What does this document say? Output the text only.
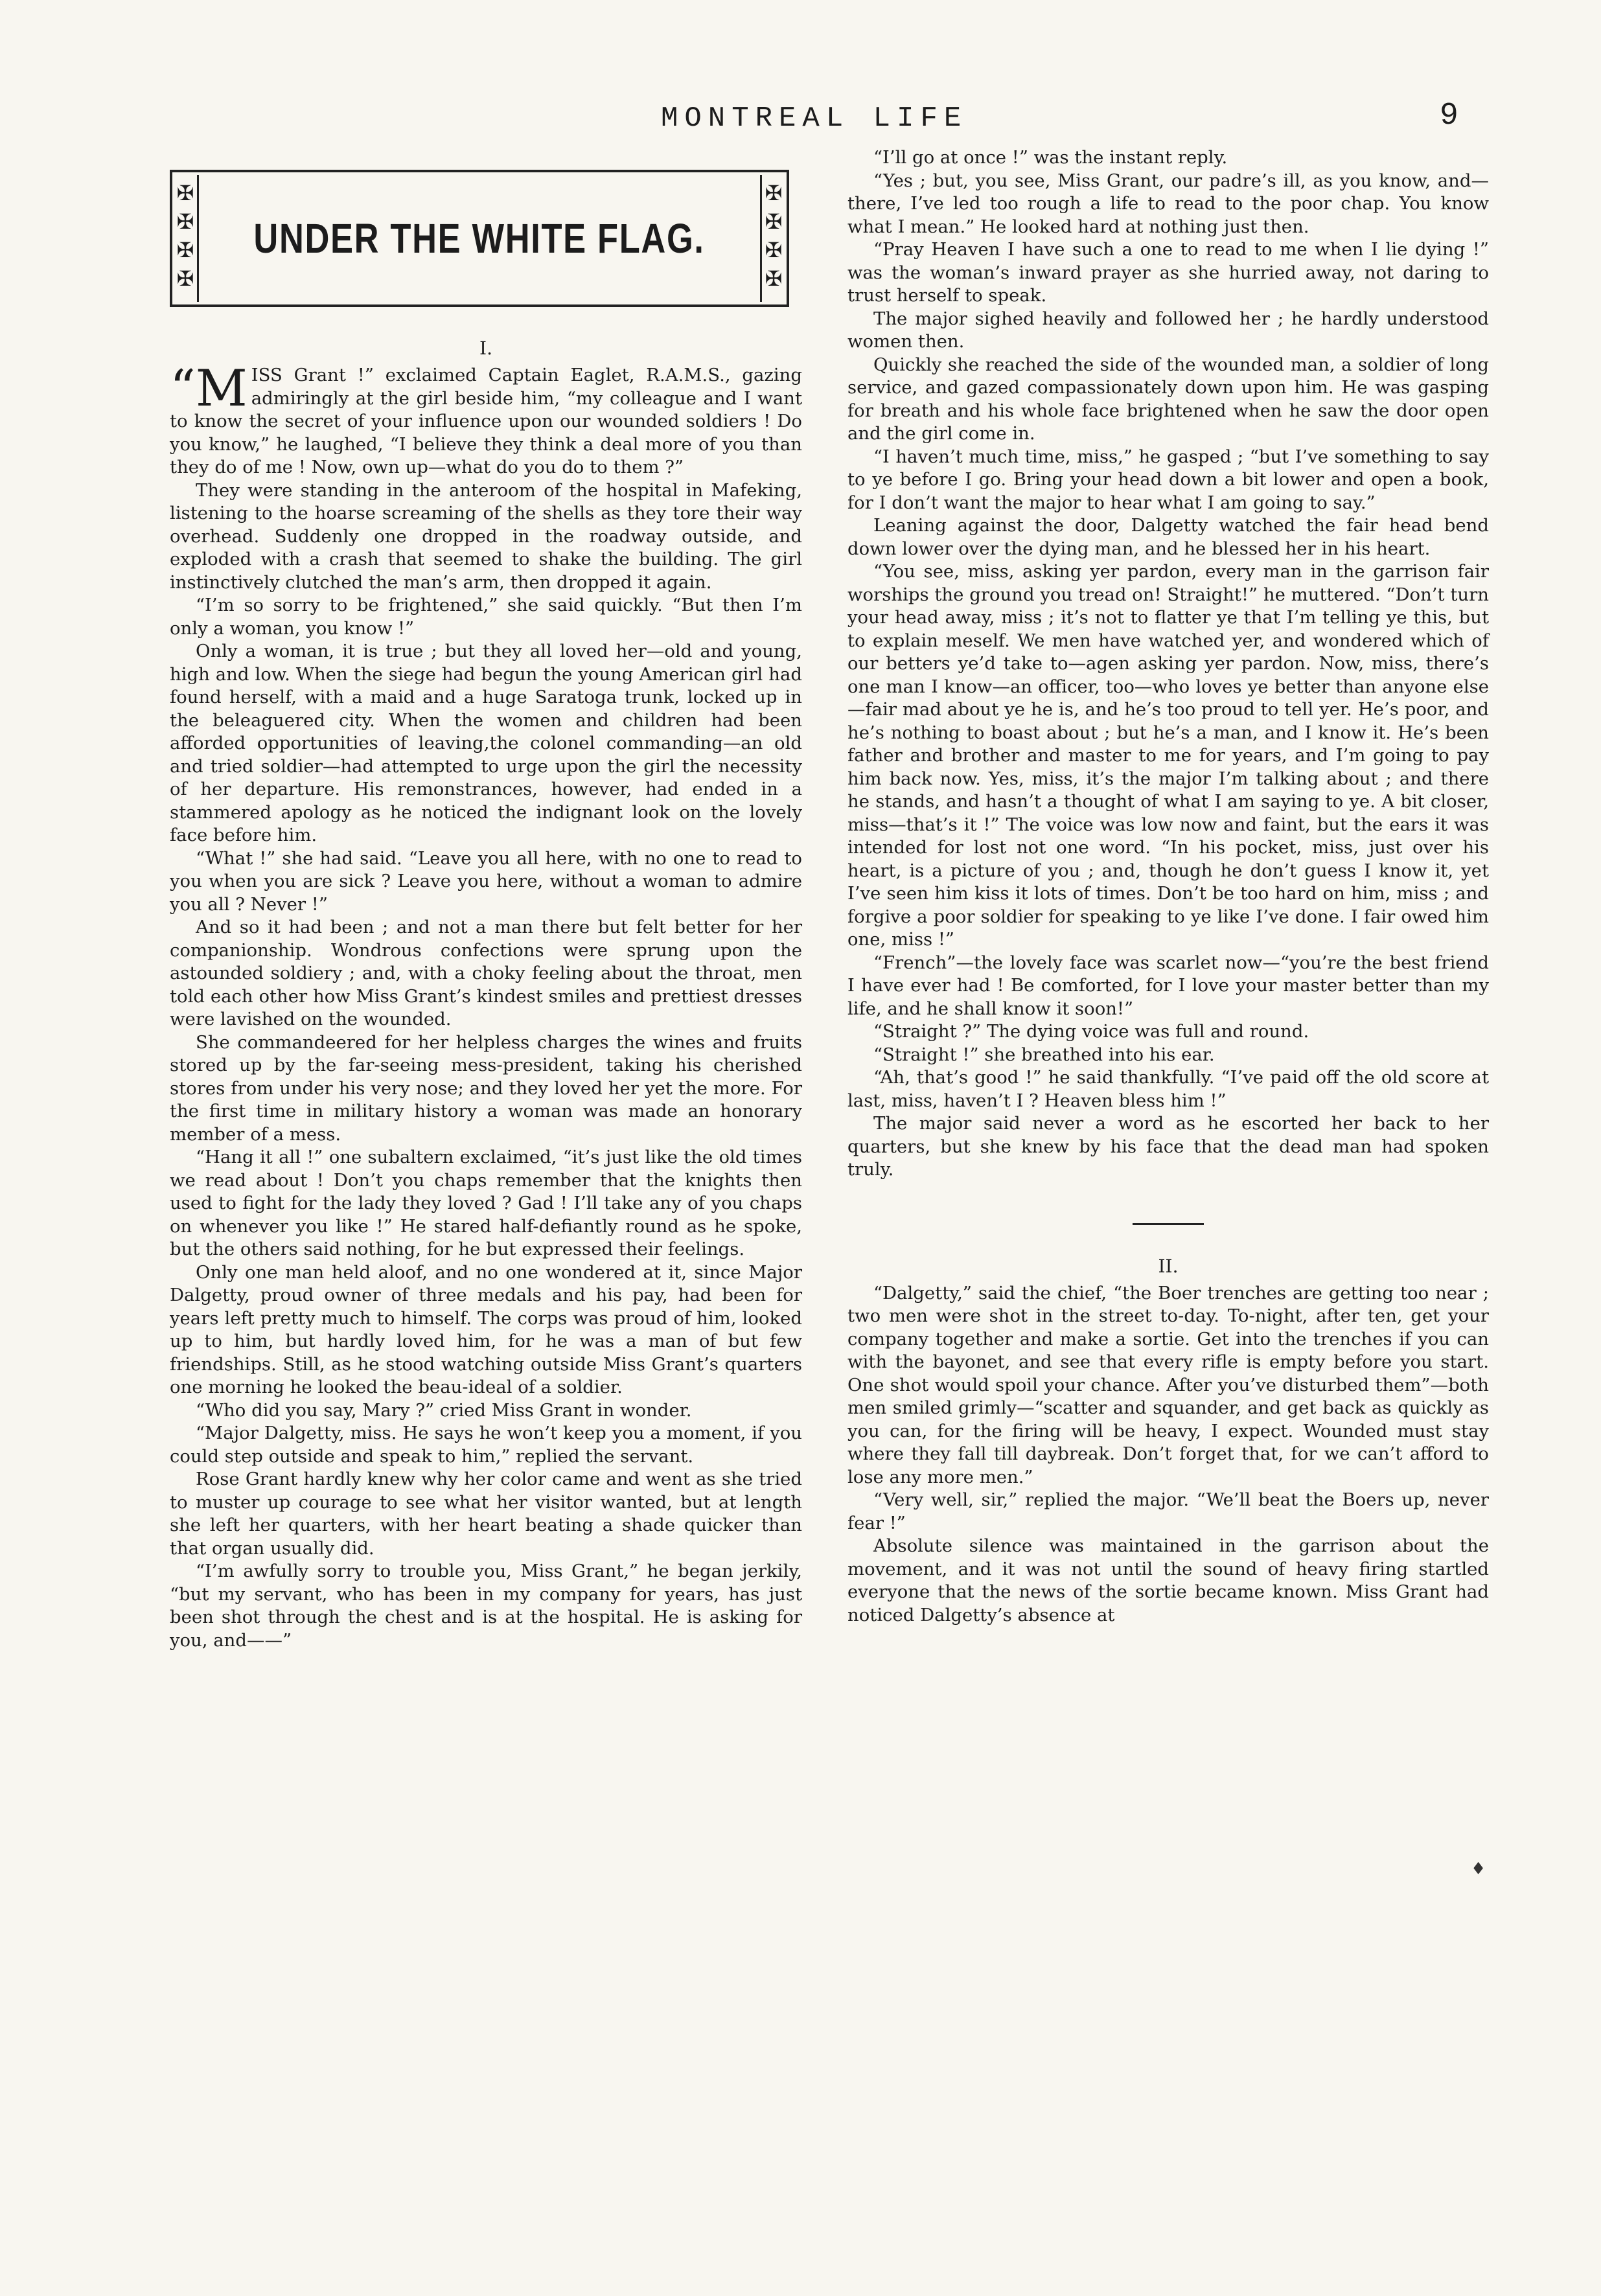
MONTREAL LIFE	9
✠
✠
✠
✠
UNDER THE WHITE FLAG.
✠
✠
✠
✠
I.

“M ISS Grant !” exclaimed Captain Eaglet, R.A.M.S., gazing admiringly at the girl beside him, “my colleague and I want to know the secret of your influence upon our wounded soldiers ! Do you know,” he laughed, “I believe they think a deal more of you than they do of me ! Now, own up—what do you do to them ?”

They were standing in the anteroom of the hospital in Mafeking, listening to the hoarse screaming of the shells as they tore their way overhead. Suddenly one dropped in the roadway outside, and exploded with a crash that seemed to shake the building. The girl instinctively clutched the man’s arm, then dropped it again.

“I’m so sorry to be frightened,” she said quickly. “But then I’m only a woman, you know !”

Only a woman, it is true ; but they all loved her—old and young, high and low. When the siege had begun the young American girl had found herself, with a maid and a huge Saratoga trunk, locked up in the beleaguered city. When the women and children had been afforded opportunities of leaving,the colonel commanding—an old and tried soldier—had attempted to urge upon the girl the necessity of her departure. His remonstrances, however, had ended in a stammered apology as he noticed the indignant look on the lovely face before him.

“What !” she had said. “Leave you all here, with no one to read to you when you are sick ? Leave you here, without a woman to admire you all ? Never !”

And so it had been ; and not a man there but felt better for her companionship. Wondrous confections were sprung upon the astounded soldiery ; and, with a choky feeling about the throat, men told each other how Miss Grant’s kindest smiles and prettiest dresses were lavished on the wounded.

She commandeered for her helpless charges the wines and fruits stored up by the far-seeing mess-president, taking his cherished stores from under his very nose; and they loved her yet the more. For the first time in military history a woman was made an honorary member of a mess.

“Hang it all !” one subaltern exclaimed, “it’s just like the old times we read about ! Don’t you chaps remember that the knights then used to fight for the lady they loved ? Gad ! I’ll take any of you chaps on whenever you like !” He stared half-defiantly round as he spoke, but the others said nothing, for he but expressed their feelings.

Only one man held aloof, and no one wondered at it, since Major Dalgetty, proud owner of three medals and his pay, had been for years left pretty much to himself. The corps was proud of him, looked up to him, but hardly loved him, for he was a man of but few friendships. Still, as he stood watching outside Miss Grant’s quarters one morning he looked the beau-ideal of a soldier.

“Who did you say, Mary ?” cried Miss Grant in wonder.

“Major Dalgetty, miss. He says he won’t keep you a moment, if you could step outside and speak to him,” replied the servant.

Rose Grant hardly knew why her color came and went as she tried to muster up courage to see what her visitor wanted, but at length she left her quarters, with her heart beating a shade quicker than that organ usually did.

“I’m awfully sorry to trouble you, Miss Grant,” he began jerkily, “but my servant, who has been in my company for years, has just been shot through the chest and is at the hospital. He is asking for you, and——”

“I’ll go at once !” was the instant reply.

“Yes ; but, you see, Miss Grant, our padre’s ill, as you know, and—there, I’ve led too rough a life to read to the poor chap. You know what I mean.” He looked hard at nothing just then.

“Pray Heaven I have such a one to read to me when I lie dying !” was the woman’s inward prayer as she hurried away, not daring to trust herself to speak.

The major sighed heavily and followed her ; he hardly understood women then.

Quickly she reached the side of the wounded man, a soldier of long service, and gazed compassionately down upon him. He was gasping for breath and his whole face brightened when he saw the door open and the girl come in.

“I haven’t much time, miss,” he gasped ; “but I’ve something to say to ye before I go. Bring your head down a bit lower and open a book, for I don’t want the major to hear what I am going to say.”

Leaning against the door, Dalgetty watched the fair head bend down lower over the dying man, and he blessed her in his heart.

“You see, miss, asking yer pardon, every man in the garrison fair worships the ground you tread on! Straight!” he muttered. “Don’t turn your head away, miss ; it’s not to flatter ye that I’m telling ye this, but to explain meself. We men have watched yer, and wondered which of our betters ye’d take to—agen asking yer pardon. Now, miss, there’s one man I know—an officer, too—who loves ye better than anyone else—fair mad about ye he is, and he’s too proud to tell yer. He’s poor, and he’s nothing to boast about ; but he’s a man, and I know it. He’s been father and brother and master to me for years, and I’m going to pay him back now. Yes, miss, it’s the major I’m talking about ; and there he stands, and hasn’t a thought of what I am saying to ye. A bit closer, miss—that’s it !” The voice was low now and faint, but the ears it was intended for lost not one word. “In his pocket, miss, just over his heart, is a picture of you ; and, though he don’t guess I know it, yet I’ve seen him kiss it lots of times. Don’t be too hard on him, miss ; and forgive a poor soldier for speaking to ye like I’ve done. I fair owed him one, miss !”

“French”—the lovely face was scarlet now—“you’re the best friend I have ever had ! Be comforted, for I love your master better than my life, and he shall know it soon!”

“Straight ?” The dying voice was full and round.

“Straight !” she breathed into his ear.

“Ah, that’s good !” he said thankfully. “I’ve paid off the old score at last, miss, haven’t I ? Heaven bless him !”

The major said never a word as he escorted her back to her quarters, but she knew by his face that the dead man had spoken truly.

II.

“Dalgetty,” said the chief, “the Boer trenches are getting too near ; two men were shot in the street to-day. To-night, after ten, get your company together and make a sortie. Get into the trenches if you can with the bayonet, and see that every rifle is empty before you start. One shot would spoil your chance. After you’ve disturbed them”—both men smiled grimly—“scatter and squander, and get back as quickly as you can, for the firing will be heavy, I expect. Wounded must stay where they fall till daybreak. Don’t forget that, for we can’t afford to lose any more men.”

“Very well, sir,” replied the major. “We’ll beat the Boers up, never fear !”

Absolute silence was maintained in the garrison about the movement, and it was not until the sound of heavy firing startled everyone that the news of the sortie became known. Miss Grant had noticed Dalgetty’s absence at

♦
